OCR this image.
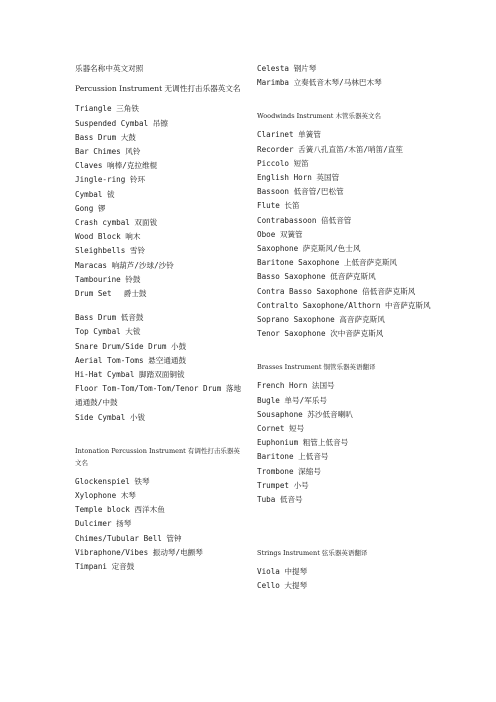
乐器名称中英文对照
Percussion Instrument 无调性打击乐器英文名
Triangle 三角铁
Suspended Cymbal 吊镲
Bass Drum 大鼓
Bar Chimes 风铃
Claves 响棒/克拉维棍
Jingle-ring 铃环
Cymbal 钹
Gong 锣
Crash cymbal 双面钹
Wood Block 响木
Sleighbells 雪铃
Maracas 响葫芦/沙球/沙铃
Tambourine 铃鼓
Drum Set　 爵士鼓
Bass Drum 低音鼓
Top Cymbal 大钹
Snare Drum/Side Drum 小鼓
Aerial Tom-Toms 悬空通通鼓
Hi-Hat Cymbal 脚踏双面铜钹
Floor Tom-Tom/Tom-Tom/Tenor Drum 落地通通鼓/中鼓
Side Cymbal 小钹
Intonation Percussion Instrument 有调性打击乐器英文名
Glockenspiel 铁琴
Xylophone 木琴
Temple block 西洋木鱼
Dulcimer 扬琴
Chimes/Tubular Bell 管钟
Vibraphone/Vibes 振动琴/电颤琴
Timpani 定音鼓
Celesta 钢片琴
Marimba 立奏低音木琴/马林巴木琴
Woodwinds Instrument 木管乐器英文名
Clarinet 单簧管
Recorder 舌簧八孔直笛/木笛/哨笛/直笙
Piccolo 短笛
English Horn 英国管
Bassoon 低音管/巴松管
Flute 长笛
Contrabassoon 倍低音管
Oboe 双簧管
Saxophone 萨克斯风/色士风
Baritone Saxophone 上低音萨克斯风
Basso Saxophone 低音萨克斯风
Contra Basso Saxophone 倍低音萨克斯风
Contralto Saxophone/Althorn 中音萨克斯风
Soprano Saxophone 高音萨克斯风
Tenor Saxophone 次中音萨克斯风
Brasses Instrument 铜管乐器英语翻译
French Horn 法国号
Bugle 单号/军乐号
Sousaphone 苏沙低音喇叭
Cornet 短号
Euphonium 粗管上低音号
Baritone 上低音号
Trombone 深缩号
Trumpet 小号
Tuba 低音号
Strings Instrument 弦乐器英语翻译
Viola 中提琴
Cello 大提琴
